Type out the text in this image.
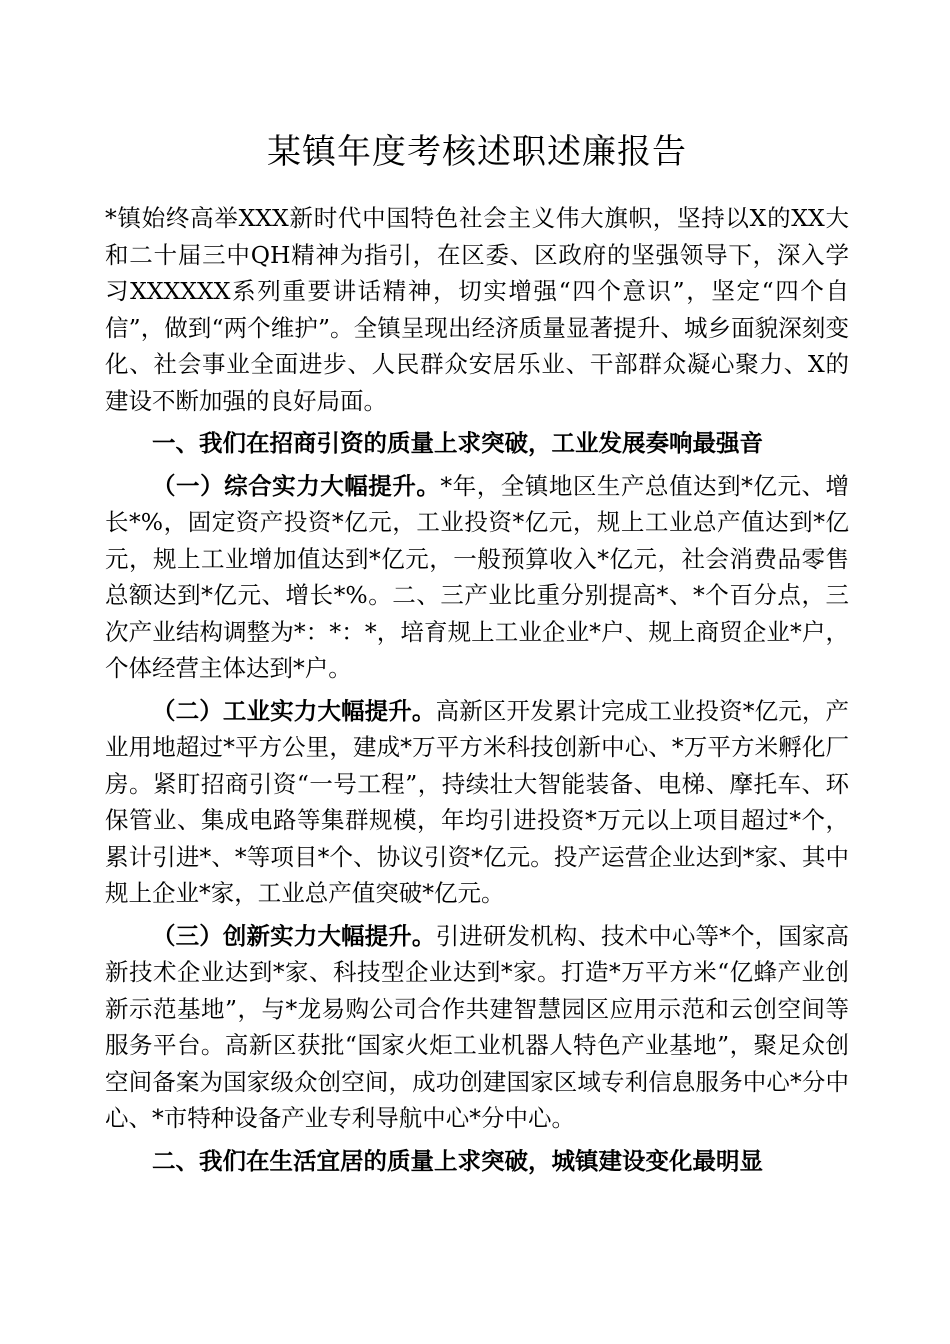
某镇年度考核述职述廉报告

*镇始终高举XXX新时代中国特色社会主义伟大旗帜，坚持以X的XX大和二十届三中QH精神为指引，在区委、区政府的坚强领导下，深入学习XXXXXX系列重要讲话精神，切实增强“四个意识”，坚定“四个自信”，做到“两个维护”。全镇呈现出经济质量显著提升、城乡面貌深刻变化、社会事业全面进步、人民群众安居乐业、干部群众凝心聚力、X的建设不断加强的良好局面。

一、我们在招商引资的质量上求突破，工业发展奏响最强音

（一）综合实力大幅提升。*年，全镇地区生产总值达到*亿元、增长*%，固定资产投资*亿元，工业投资*亿元，规上工业总产值达到*亿元，规上工业增加值达到*亿元，一般预算收入*亿元，社会消费品零售总额达到*亿元、增长*%。二、三产业比重分别提高*、*个百分点，三次产业结构调整为*：*：*，培育规上工业企业*户、规上商贸企业*户，个体经营主体达到*户。

（二）工业实力大幅提升。高新区开发累计完成工业投资*亿元，产业用地超过*平方公里，建成*万平方米科技创新中心、*万平方米孵化厂房。紧盯招商引资“一号工程”，持续壮大智能装备、电梯、摩托车、环保管业、集成电路等集群规模，年均引进投资*万元以上项目超过*个，累计引进*、*等项目*个、协议引资*亿元。投产运营企业达到*家、其中规上企业*家，工业总产值突破*亿元。

（三）创新实力大幅提升。引进研发机构、技术中心等*个，国家高新技术企业达到*家、科技型企业达到*家。打造*万平方米“亿蜂产业创新示范基地”，与*龙易购公司合作共建智慧园区应用示范和云创空间等服务平台。高新区获批“国家火炬工业机器人特色产业基地”，聚足众创空间备案为国家级众创空间，成功创建国家区域专利信息服务中心*分中心、*市特种设备产业专利导航中心*分中心。

二、我们在生活宜居的质量上求突破，城镇建设变化最明显
